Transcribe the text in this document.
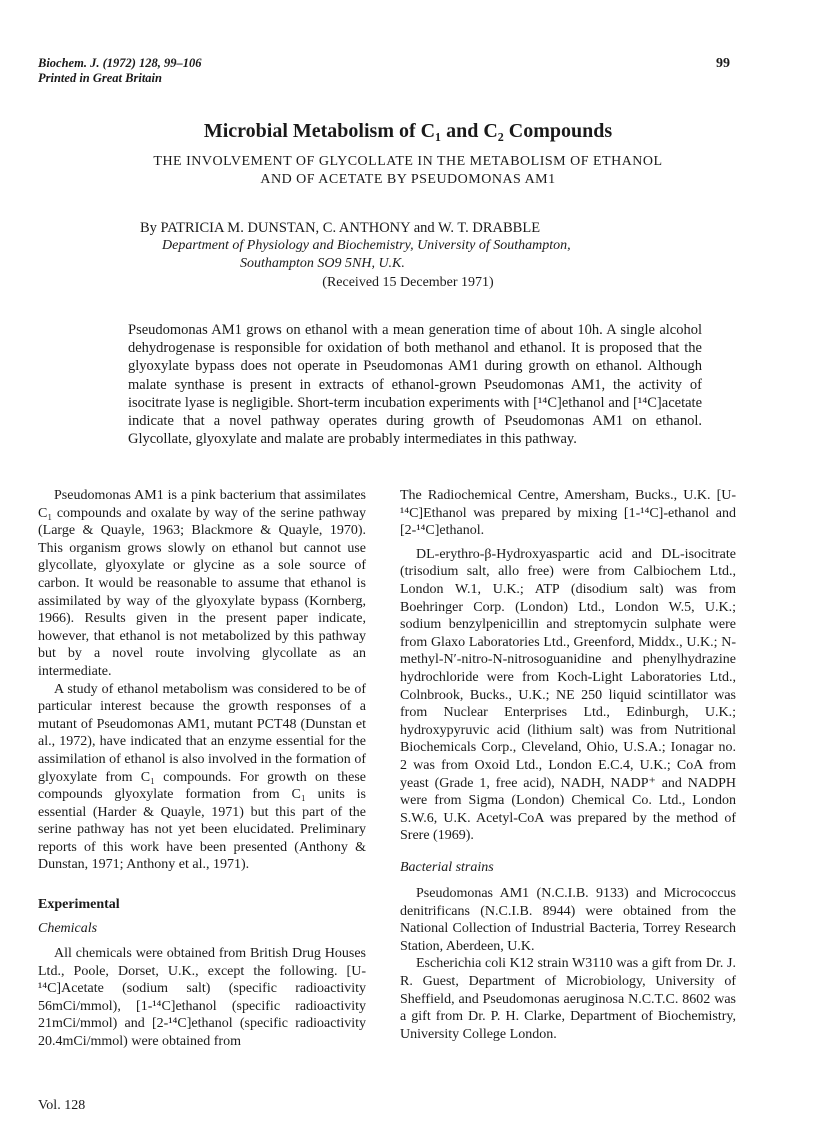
Biochem. J. (1972) 128, 99–106
Printed in Great Britain
99
Microbial Metabolism of C₁ and C₂ Compounds
THE INVOLVEMENT OF GLYCOLLATE IN THE METABOLISM OF ETHANOL
AND OF ACETATE BY PSEUDOMONAS AM1
By PATRICIA M. DUNSTAN, C. ANTHONY and W. T. DRABBLE
Department of Physiology and Biochemistry, University of Southampton,
Southampton SO9 5NH, U.K.
(Received 15 December 1971)
Pseudomonas AM1 grows on ethanol with a mean generation time of about 10h. A single alcohol dehydrogenase is responsible for oxidation of both methanol and ethanol. It is proposed that the glyoxylate bypass does not operate in Pseudomonas AM1 during growth on ethanol. Although malate synthase is present in extracts of ethanol-grown Pseudomonas AM1, the activity of isocitrate lyase is negligible. Short-term incubation experiments with [¹⁴C]ethanol and [¹⁴C]acetate indicate that a novel pathway operates during growth of Pseudomonas AM1 on ethanol. Glycollate, glyoxylate and malate are probably intermediates in this pathway.

Pseudomonas AM1 is a pink bacterium that assimilates C₁ compounds and oxalate by way of the serine pathway (Large & Quayle, 1963; Blackmore & Quayle, 1970). This organism grows slowly on ethanol but cannot use glycollate, glyoxylate or glycine as a sole source of carbon. It would be reasonable to assume that ethanol is assimilated by way of the glyoxylate bypass (Kornberg, 1966). Results given in the present paper indicate, however, that ethanol is not metabolized by this pathway but by a novel route involving glycollate as an intermediate.

A study of ethanol metabolism was considered to be of particular interest because the growth responses of a mutant of Pseudomonas AM1, mutant PCT48 (Dunstan et al., 1972), have indicated that an enzyme essential for the assimilation of ethanol is also involved in the formation of glyoxylate from C₁ compounds. For growth on these compounds glyoxylate formation from C₁ units is essential (Harder & Quayle, 1971) but this part of the serine pathway has not yet been elucidated. Preliminary reports of this work have been presented (Anthony & Dunstan, 1971; Anthony et al., 1971).

Experimental
Chemicals

All chemicals were obtained from British Drug Houses Ltd., Poole, Dorset, U.K., except the following. [U-¹⁴C]Acetate (sodium salt) (specific radioactivity 56mCi/mmol), [1-¹⁴C]ethanol (specific radioactivity 21mCi/mmol) and [2-¹⁴C]ethanol (specific radioactivity 20.4mCi/mmol) were obtained from

The Radiochemical Centre, Amersham, Bucks., U.K. [U-¹⁴C]Ethanol was prepared by mixing [1-¹⁴C]-ethanol and [2-¹⁴C]ethanol.

DL-erythro-β-Hydroxyaspartic acid and DL-isocitrate (trisodium salt, allo free) were from Calbiochem Ltd., London W.1, U.K.; ATP (disodium salt) was from Boehringer Corp. (London) Ltd., London W.5, U.K.; sodium benzylpenicillin and streptomycin sulphate were from Glaxo Laboratories Ltd., Greenford, Middx., U.K.; N-methyl-N′-nitro-N-nitrosoguanidine and phenylhydrazine hydrochloride were from Koch-Light Laboratories Ltd., Colnbrook, Bucks., U.K.; NE 250 liquid scintillator was from Nuclear Enterprises Ltd., Edinburgh, U.K.; hydroxypyruvic acid (lithium salt) was from Nutritional Biochemicals Corp., Cleveland, Ohio, U.S.A.; Ionagar no. 2 was from Oxoid Ltd., London E.C.4, U.K.; CoA from yeast (Grade 1, free acid), NADH, NADP⁺ and NADPH were from Sigma (London) Chemical Co. Ltd., London S.W.6, U.K. Acetyl-CoA was prepared by the method of Srere (1969).

Bacterial strains

Pseudomonas AM1 (N.C.I.B. 9133) and Micrococcus denitrificans (N.C.I.B. 8944) were obtained from the National Collection of Industrial Bacteria, Torrey Research Station, Aberdeen, U.K.

Escherichia coli K12 strain W3110 was a gift from Dr. J. R. Guest, Department of Microbiology, University of Sheffield, and Pseudomonas aeruginosa N.C.T.C. 8602 was a gift from Dr. P. H. Clarke, Department of Biochemistry, University College London.

Vol. 128
